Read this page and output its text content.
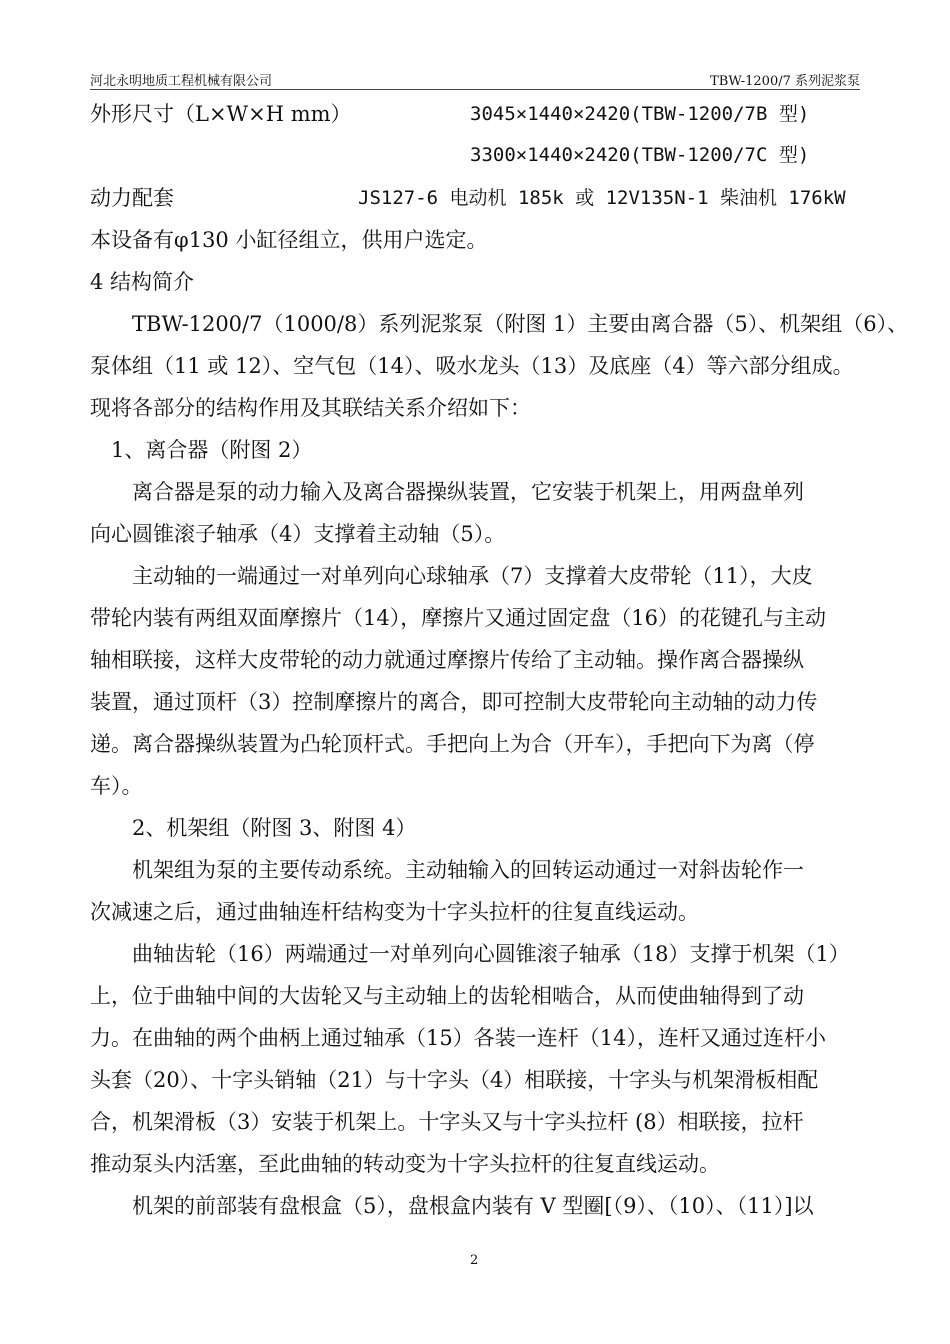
河北永明地质工程机械有限公司	TBW-1200/7 系列泥浆泵
外形尺寸（L×W×H mm）	3045×1440×2420(TBW-1200/7B 型)
3300×1440×2420(TBW-1200/7C 型)
动力配套	JS127-6 电动机 185k 或 12V135N-1 柴油机 176kW
本设备有φ130 小缸径组立，供用户选定。
4 结构简介
　　TBW-1200/7（1000/8）系列泥浆泵（附图 1）主要由离合器（5）、机架组（6）、
泵体组（11 或 12）、空气包（14）、吸水龙头（13）及底座（4）等六部分组成。
现将各部分的结构作用及其联结关系介绍如下：
　1、离合器（附图 2）
　　离合器是泵的动力输入及离合器操纵装置，它安装于机架上，用两盘单列
向心圆锥滚子轴承（4）支撑着主动轴（5）。
　　主动轴的一端通过一对单列向心球轴承（7）支撑着大皮带轮（11），大皮
带轮内装有两组双面摩擦片（14），摩擦片又通过固定盘（16）的花键孔与主动
轴相联接，这样大皮带轮的动力就通过摩擦片传给了主动轴。操作离合器操纵
装置，通过顶杆（3）控制摩擦片的离合，即可控制大皮带轮向主动轴的动力传
递。离合器操纵装置为凸轮顶杆式。手把向上为合（开车），手把向下为离（停
车）。
　　2、机架组（附图 3、附图 4）
　　机架组为泵的主要传动系统。主动轴输入的回转运动通过一对斜齿轮作一
次减速之后，通过曲轴连杆结构变为十字头拉杆的往复直线运动。
　　曲轴齿轮（16）两端通过一对单列向心圆锥滚子轴承（18）支撑于机架（1）
上，位于曲轴中间的大齿轮又与主动轴上的齿轮相啮合，从而使曲轴得到了动
力。在曲轴的两个曲柄上通过轴承（15）各装一连杆（14），连杆又通过连杆小
头套（20）、十字头销轴（21）与十字头（4）相联接，十字头与机架滑板相配
合，机架滑板（3）安装于机架上。十字头又与十字头拉杆 (8）相联接，拉杆
推动泵头内活塞，至此曲轴的转动变为十字头拉杆的往复直线运动。
　　机架的前部装有盘根盒（5），盘根盒内装有 V 型圈[（9）、（10）、（11）]以
2
